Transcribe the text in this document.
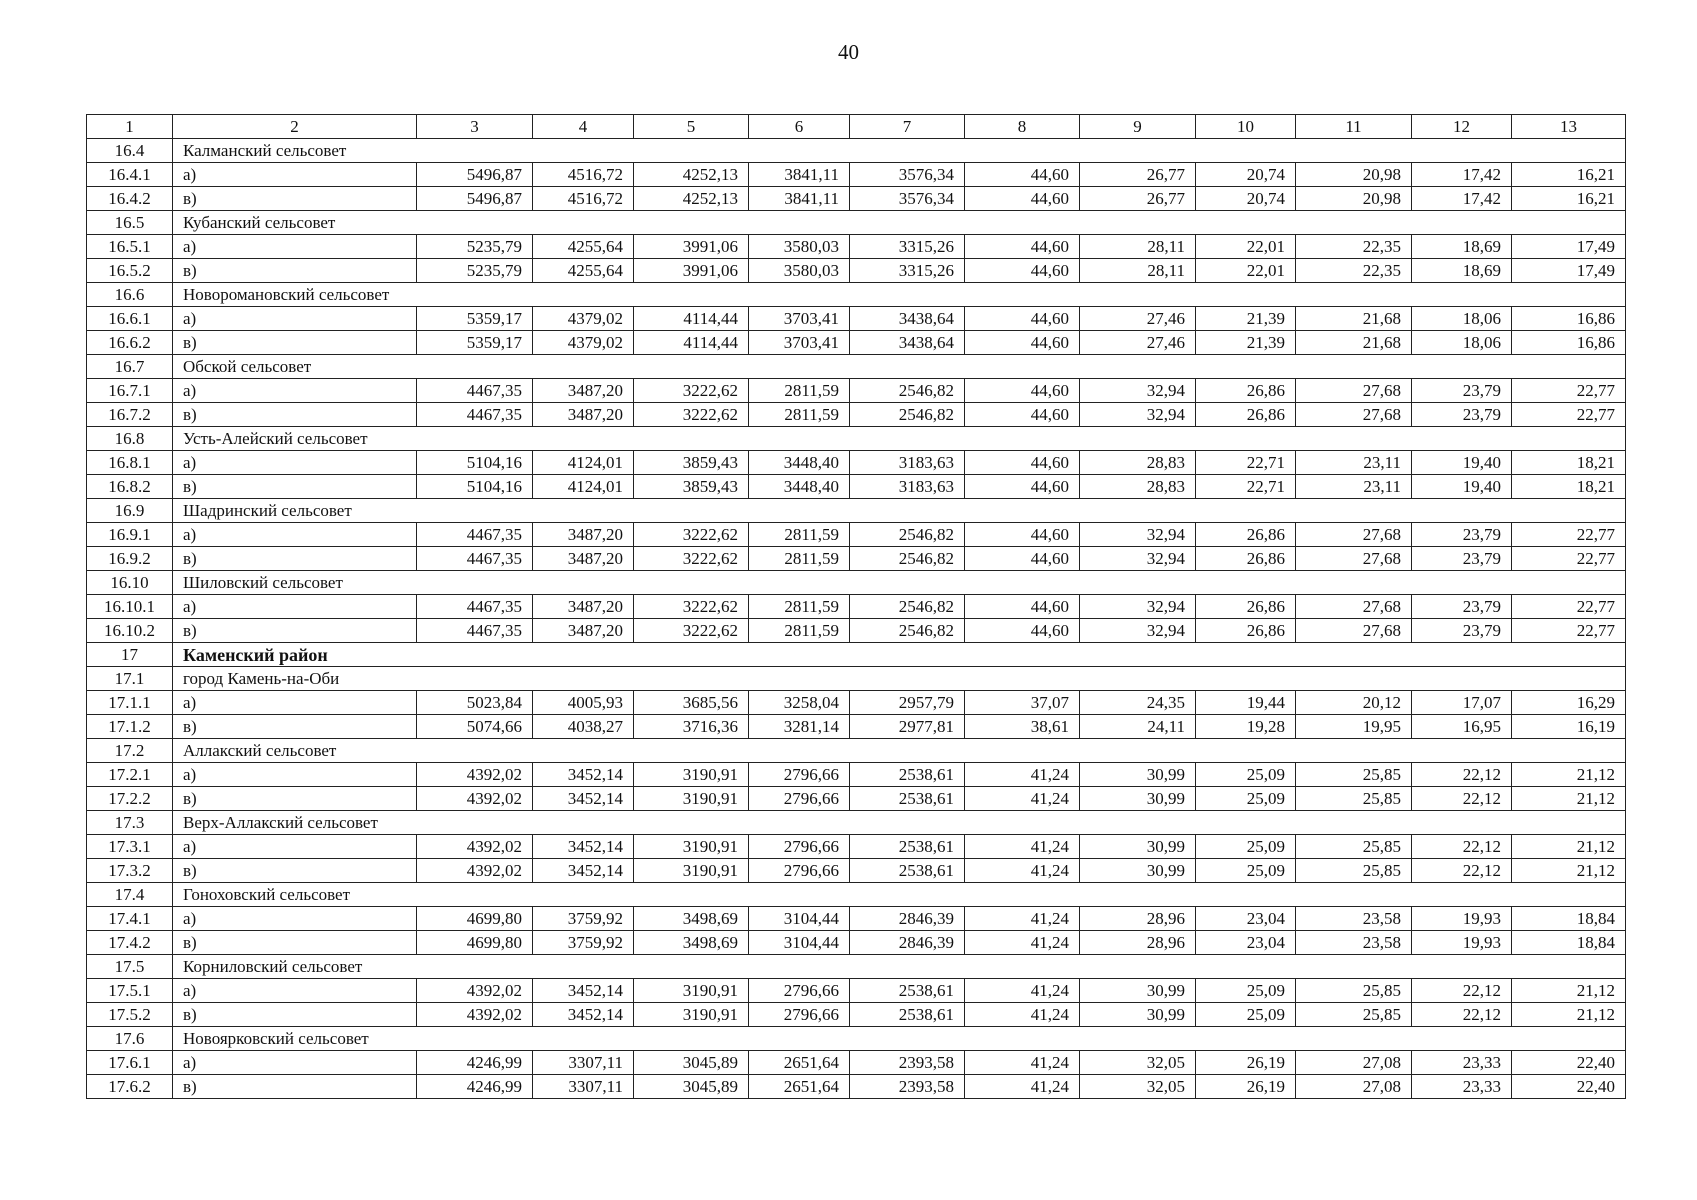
40
1	2	3	4	5	6	7	8	9	10	11	12	13
16.4	Калманский сельсовет											
16.4.1	а)	5496,87	4516,72	4252,13	3841,11	3576,34	44,60	26,77	20,74	20,98	17,42	16,21
16.4.2	в)	5496,87	4516,72	4252,13	3841,11	3576,34	44,60	26,77	20,74	20,98	17,42	16,21
16.5	Кубанский сельсовет											
16.5.1	а)	5235,79	4255,64	3991,06	3580,03	3315,26	44,60	28,11	22,01	22,35	18,69	17,49
16.5.2	в)	5235,79	4255,64	3991,06	3580,03	3315,26	44,60	28,11	22,01	22,35	18,69	17,49
16.6	Новоромановский сельсовет											
16.6.1	а)	5359,17	4379,02	4114,44	3703,41	3438,64	44,60	27,46	21,39	21,68	18,06	16,86
16.6.2	в)	5359,17	4379,02	4114,44	3703,41	3438,64	44,60	27,46	21,39	21,68	18,06	16,86
16.7	Обской сельсовет											
16.7.1	а)	4467,35	3487,20	3222,62	2811,59	2546,82	44,60	32,94	26,86	27,68	23,79	22,77
16.7.2	в)	4467,35	3487,20	3222,62	2811,59	2546,82	44,60	32,94	26,86	27,68	23,79	22,77
16.8	Усть-Алейский сельсовет											
16.8.1	а)	5104,16	4124,01	3859,43	3448,40	3183,63	44,60	28,83	22,71	23,11	19,40	18,21
16.8.2	в)	5104,16	4124,01	3859,43	3448,40	3183,63	44,60	28,83	22,71	23,11	19,40	18,21
16.9	Шадринский сельсовет											
16.9.1	а)	4467,35	3487,20	3222,62	2811,59	2546,82	44,60	32,94	26,86	27,68	23,79	22,77
16.9.2	в)	4467,35	3487,20	3222,62	2811,59	2546,82	44,60	32,94	26,86	27,68	23,79	22,77
16.10	Шиловский сельсовет											
16.10.1	а)	4467,35	3487,20	3222,62	2811,59	2546,82	44,60	32,94	26,86	27,68	23,79	22,77
16.10.2	в)	4467,35	3487,20	3222,62	2811,59	2546,82	44,60	32,94	26,86	27,68	23,79	22,77
17	Каменский район											
17.1	город Камень-на-Оби											
17.1.1	а)	5023,84	4005,93	3685,56	3258,04	2957,79	37,07	24,35	19,44	20,12	17,07	16,29
17.1.2	в)	5074,66	4038,27	3716,36	3281,14	2977,81	38,61	24,11	19,28	19,95	16,95	16,19
17.2	Аллакский сельсовет											
17.2.1	а)	4392,02	3452,14	3190,91	2796,66	2538,61	41,24	30,99	25,09	25,85	22,12	21,12
17.2.2	в)	4392,02	3452,14	3190,91	2796,66	2538,61	41,24	30,99	25,09	25,85	22,12	21,12
17.3	Верх-Аллакский сельсовет											
17.3.1	а)	4392,02	3452,14	3190,91	2796,66	2538,61	41,24	30,99	25,09	25,85	22,12	21,12
17.3.2	в)	4392,02	3452,14	3190,91	2796,66	2538,61	41,24	30,99	25,09	25,85	22,12	21,12
17.4	Гоноховский сельсовет											
17.4.1	а)	4699,80	3759,92	3498,69	3104,44	2846,39	41,24	28,96	23,04	23,58	19,93	18,84
17.4.2	в)	4699,80	3759,92	3498,69	3104,44	2846,39	41,24	28,96	23,04	23,58	19,93	18,84
17.5	Корниловский сельсовет											
17.5.1	а)	4392,02	3452,14	3190,91	2796,66	2538,61	41,24	30,99	25,09	25,85	22,12	21,12
17.5.2	в)	4392,02	3452,14	3190,91	2796,66	2538,61	41,24	30,99	25,09	25,85	22,12	21,12
17.6	Новоярковский сельсовет											
17.6.1	а)	4246,99	3307,11	3045,89	2651,64	2393,58	41,24	32,05	26,19	27,08	23,33	22,40
17.6.2	в)	4246,99	3307,11	3045,89	2651,64	2393,58	41,24	32,05	26,19	27,08	23,33	22,40
